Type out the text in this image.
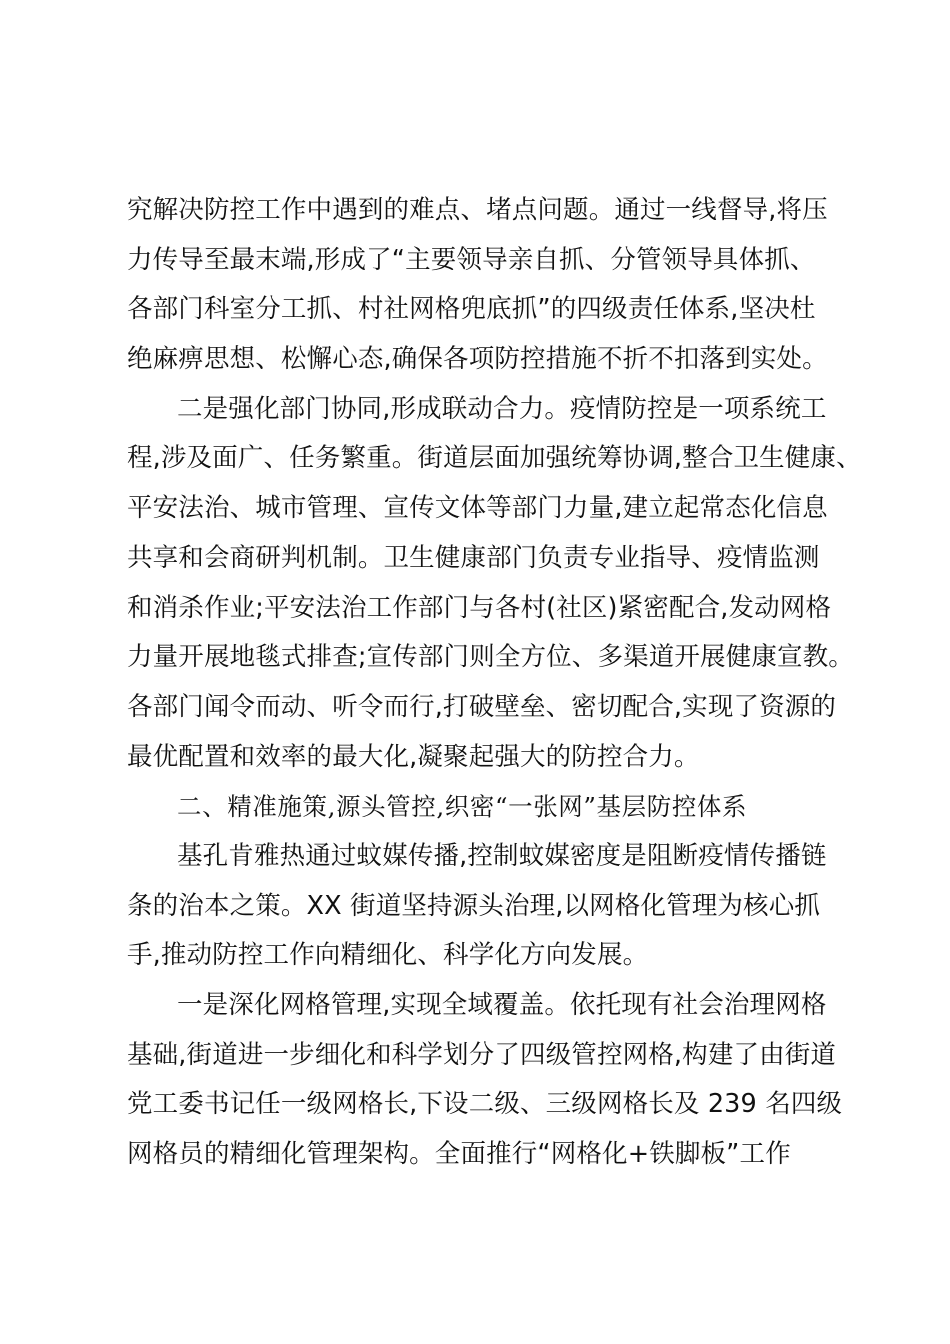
究解决防控工作中遇到的难点、堵点问题。通过一线督导,将压
力传导至最末端,形成了“主要领导亲自抓、分管领导具体抓、
各部门科室分工抓、村社网格兜底抓”的四级责任体系,坚决杜
绝麻痹思想、松懈心态,确保各项防控措施不折不扣落到实处。
二是强化部门协同,形成联动合力。疫情防控是一项系统工
程,涉及面广、任务繁重。街道层面加强统筹协调,整合卫生健康、
平安法治、城市管理、宣传文体等部门力量,建立起常态化信息
共享和会商研判机制。卫生健康部门负责专业指导、疫情监测
和消杀作业;平安法治工作部门与各村(社区)紧密配合,发动网格
力量开展地毯式排查;宣传部门则全方位、多渠道开展健康宣教。
各部门闻令而动、听令而行,打破壁垒、密切配合,实现了资源的
最优配置和效率的最大化,凝聚起强大的防控合力。
二、精准施策,源头管控,织密“一张网”基层防控体系
基孔肯雅热通过蚊媒传播,控制蚊媒密度是阻断疫情传播链
条的治本之策。XX 街道坚持源头治理,以网格化管理为核心抓
手,推动防控工作向精细化、科学化方向发展。
一是深化网格管理,实现全域覆盖。依托现有社会治理网格
基础,街道进一步细化和科学划分了四级管控网格,构建了由街道
党工委书记任一级网格长,下设二级、三级网格长及 239 名四级
网格员的精细化管理架构。全面推行“网格化+铁脚板”工作
